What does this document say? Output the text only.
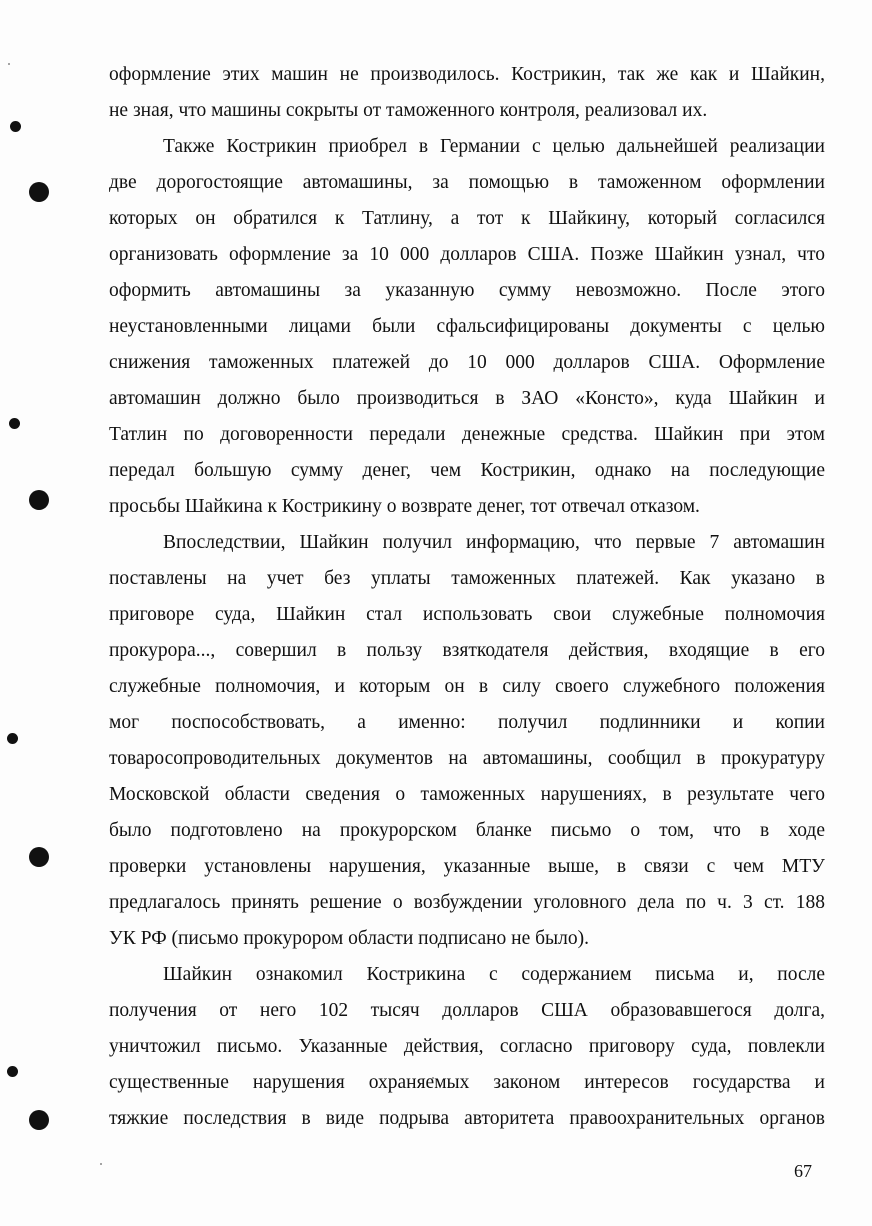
оформление этих машин не производилось. Кострикин, так же как и Шайкин,
не зная, что машины сокрыты от таможенного контроля, реализовал их.
Также Кострикин приобрел в Германии с целью дальнейшей реализации
две дорогостоящие автомашины, за помощью в таможенном оформлении
которых он обратился к Татлину, а тот к Шайкину, который согласился
организовать оформление за 10 000 долларов США. Позже Шайкин узнал, что
оформить автомашины за указанную сумму невозможно. После этого
неустановленными лицами были сфальсифицированы документы с целью
снижения таможенных платежей до 10 000 долларов США. Оформление
автомашин должно было производиться в ЗАО «Консто», куда Шайкин и
Татлин по договоренности передали денежные средства. Шайкин при этом
передал большую сумму денег, чем Кострикин, однако на последующие
просьбы Шайкина к Кострикину о возврате денег, тот отвечал отказом.
Впоследствии, Шайкин получил информацию, что первые 7 автомашин
поставлены на учет без уплаты таможенных платежей. Как указано в
приговоре суда, Шайкин стал использовать свои служебные полномочия
прокурора..., совершил в пользу взяткодателя действия, входящие в его
служебные полномочия, и которым он в силу своего служебного положения
мог поспособствовать, а именно: получил подлинники и копии
товаросопроводительных документов на автомашины, сообщил в прокуратуру
Московской области сведения о таможенных нарушениях, в результате чего
было подготовлено на прокурорском бланке письмо о том, что в ходе
проверки установлены нарушения, указанные выше, в связи с чем МТУ
предлагалось принять решение о возбуждении уголовного дела по ч. 3 ст. 188
УК РФ (письмо прокурором области подписано не было).
Шайкин ознакомил Кострикина с содержанием письма и, после
получения от него 102 тысяч долларов США образовавшегося долга,
уничтожил письмо. Указанные действия, согласно приговору суда, повлекли
существенные нарушения охраняемых законом интересов государства и
тяжкие последствия в виде подрыва авторитета правоохранительных органов
67
